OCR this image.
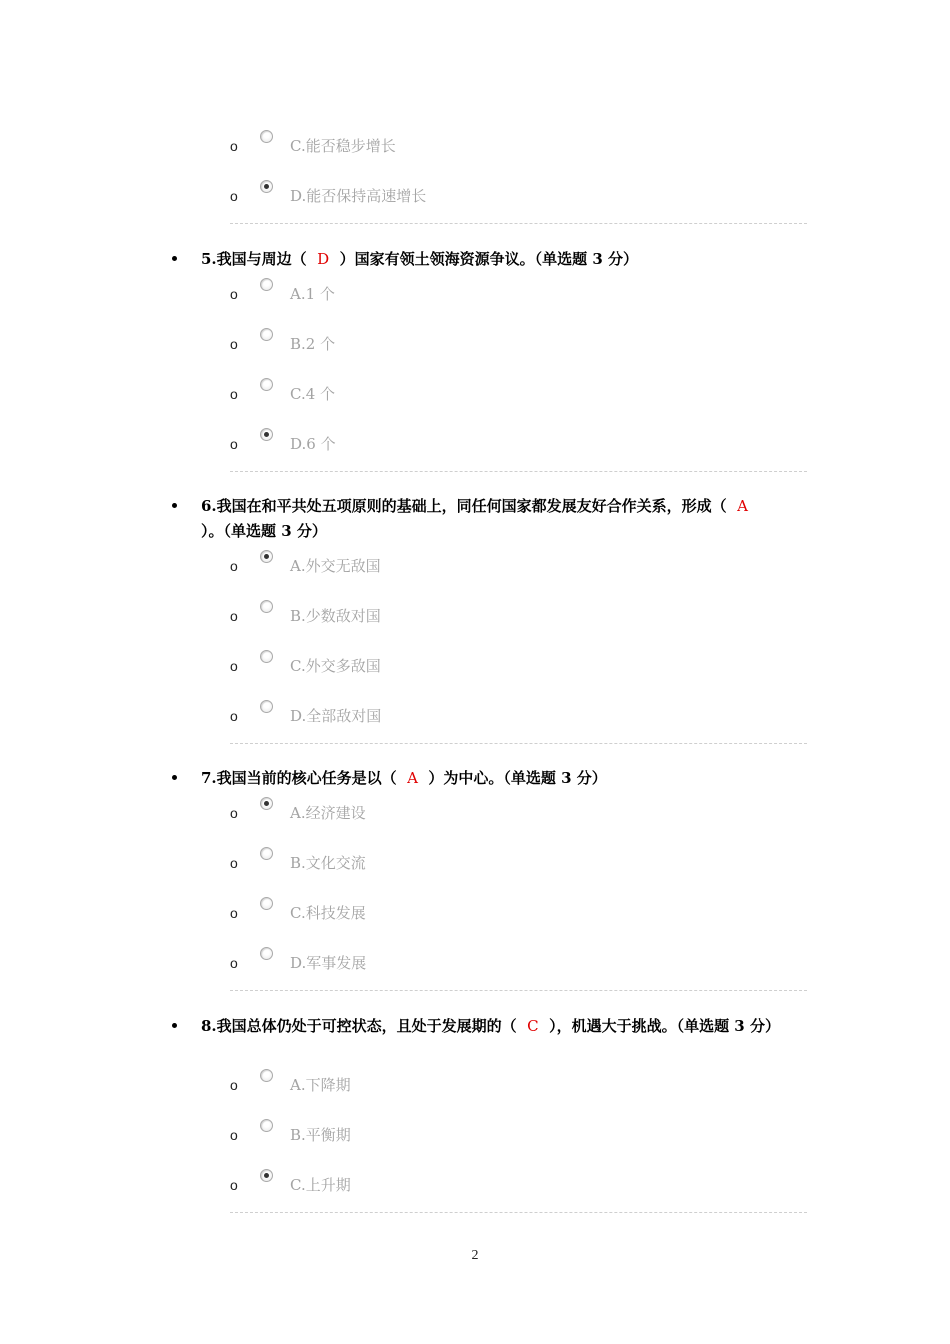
o	C.能否稳步增长
o	D.能否保持高速增长
5.我国与周边（ D ）国家有领土领海资源争议。（单选题 3 分）
o	A.1 个
o	B.2 个
o	C.4 个
o	D.6 个
6.我国在和平共处五项原则的基础上，同任何国家都发展友好合作关系，形成（ A
）。（单选题 3 分）
o	A.外交无敌国
o	B.少数敌对国
o	C.外交多敌国
o	D.全部敌对国
7.我国当前的核心任务是以（ A ）为中心。（单选题 3 分）
o	A.经济建设
o	B.文化交流
o	C.科技发展
o	D.军事发展
8.我国总体仍处于可控状态，且处于发展期的（ C ），机遇大于挑战。（单选题 3 分）
o	A.下降期
o	B.平衡期
o	C.上升期
2
